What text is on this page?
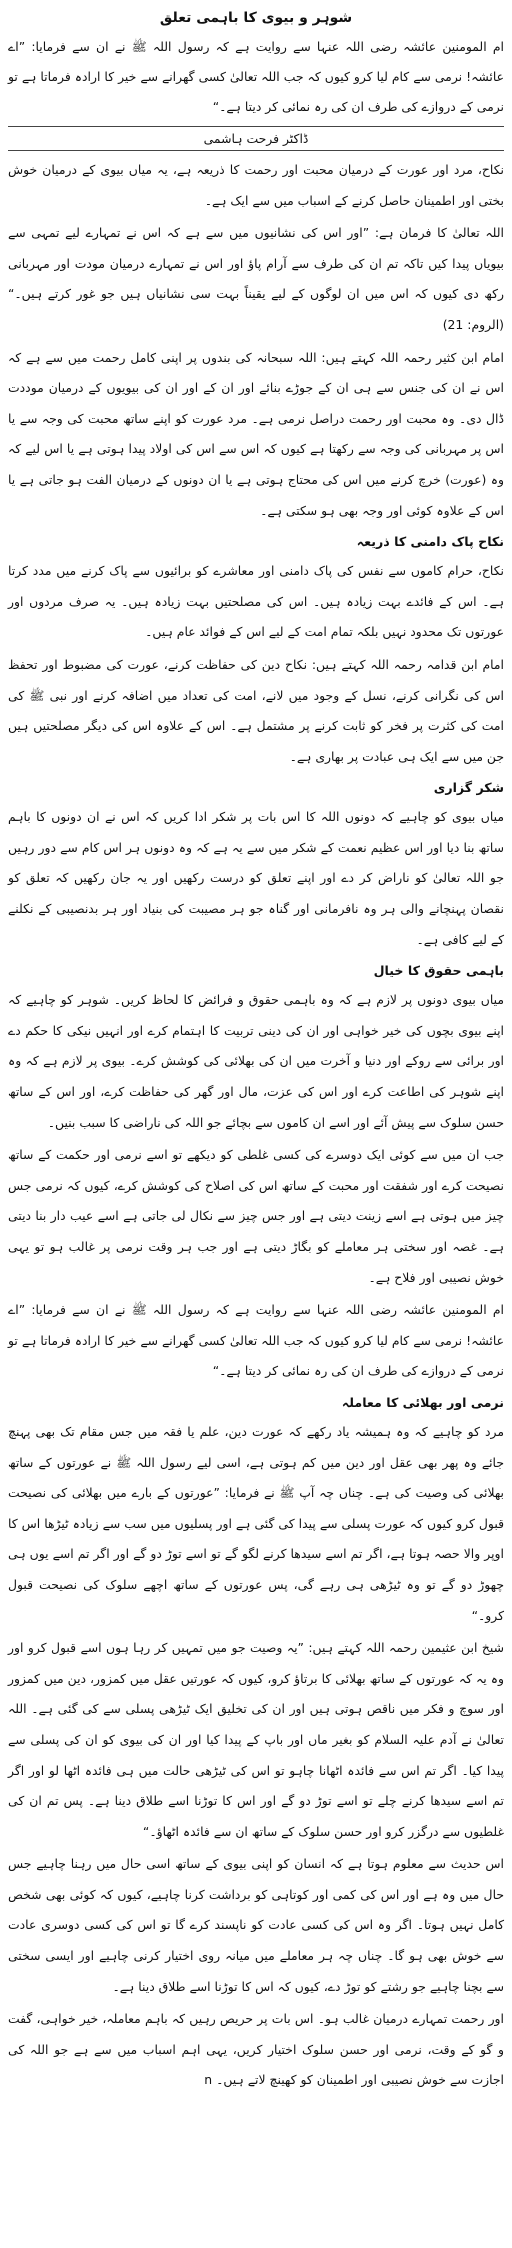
شوہر و بیوی کا باہمی تعلق
ام المومنین عائشہ رضی اللہ عنہا سے روایت ہے کہ رسول اللہ ﷺ نے ان سے فرمایا: ”اے عائشہ! نرمی سے کام لیا کرو کیوں کہ جب اللہ تعالیٰ کسی گھرانے سے خیر کا ارادہ فرماتا ہے تو نرمی کے دروازے کی طرف ان کی رہ نمائی کر دیتا ہے۔“
ڈاکٹر فرحت ہاشمی

نکاح، مرد اور عورت کے درمیان محبت اور رحمت کا ذریعہ ہے، یہ میاں بیوی کے درمیان خوش بختی اور اطمینان حاصل کرنے کے اسباب میں سے ایک ہے۔

اللہ تعالیٰ کا فرمان ہے: ”اور اس کی نشانیوں میں سے ہے کہ اس نے تمہارے لیے تمہی سے بیویاں پیدا کیں تاکہ تم ان کی طرف سے آرام پاؤ اور اس نے تمہارے درمیان مودت اور مہربانی رکھ دی کیوں کہ اس میں ان لوگوں کے لیے یقیناً بہت سی نشانیاں ہیں جو غور کرتے ہیں۔“ (الروم: 21)

امام ابن کثیر رحمہ اللہ کہتے ہیں: اللہ سبحانہ کی بندوں پر اپنی کامل رحمت میں سے ہے کہ اس نے ان کی جنس سے ہی ان کے جوڑے بنائے اور ان کے اور ان کی بیویوں کے درمیان موددت ڈال دی۔ وہ محبت اور رحمت دراصل نرمی ہے۔ مرد عورت کو اپنے ساتھ محبت کی وجہ سے یا اس پر مہربانی کی وجہ سے رکھتا ہے کیوں کہ اس سے اس کی اولاد پیدا ہوتی ہے یا اس لیے کہ وہ (عورت) خرچ کرنے میں اس کی محتاج ہوتی ہے یا ان دونوں کے درمیان الفت ہو جاتی ہے یا اس کے علاوہ کوئی اور وجہ بھی ہو سکتی ہے۔

نکاح پاک دامنی کا ذریعہ

نکاح، حرام کاموں سے نفس کی پاک دامنی اور معاشرے کو برائیوں سے پاک کرنے میں مدد کرتا ہے۔ اس کے فائدے بہت زیادہ ہیں۔ اس کی مصلحتیں بہت زیادہ ہیں۔ یہ صرف مردوں اور عورتوں تک محدود نہیں بلکہ تمام امت کے لیے اس کے فوائد عام ہیں۔

امام ابن قدامہ رحمہ اللہ کہتے ہیں: نکاح دین کی حفاظت کرنے، عورت کی مضبوط اور تحفظ اس کی نگرانی کرنے، نسل کے وجود میں لانے، امت کی تعداد میں اضافہ کرنے اور نبی ﷺ کی امت کی کثرت پر فخر کو ثابت کرنے پر مشتمل ہے۔ اس کے علاوہ اس کی دیگر مصلحتیں ہیں جن میں سے ایک ہی عبادت پر بھاری ہے۔

شکر گزاری

میاں بیوی کو چاہیے کہ دونوں اللہ کا اس بات پر شکر ادا کریں کہ اس نے ان دونوں کا باہم ساتھ بنا دیا اور اس عظیم نعمت کے شکر میں سے یہ ہے کہ وہ دونوں ہر اس کام سے دور رہیں جو اللہ تعالیٰ کو ناراض کر دے اور اپنے تعلق کو درست رکھیں اور یہ جان رکھیں کہ تعلق کو نقصان پہنچانے والی ہر وہ نافرمانی اور گناہ جو ہر مصیبت کی بنیاد اور ہر بدنصیبی کے نکلنے کے لیے کافی ہے۔

باہمی حقوق کا خیال

میاں بیوی دونوں پر لازم ہے کہ وہ باہمی حقوق و فرائض کا لحاظ کریں۔ شوہر کو چاہیے کہ اپنے بیوی بچوں کی خیر خواہی اور ان کی دینی تربیت کا اہتمام کرے اور انہیں نیکی کا حکم دے اور برائی سے روکے اور دنیا و آخرت میں ان کی بھلائی کی کوشش کرے۔ بیوی پر لازم ہے کہ وہ اپنے شوہر کی اطاعت کرے اور اس کی عزت، مال اور گھر کی حفاظت کرے، اور اس کے ساتھ حسن سلوک سے پیش آئے اور اسے ان کاموں سے بچائے جو اللہ کی ناراضی کا سبب بنیں۔

جب ان میں سے کوئی ایک دوسرے کی کسی غلطی کو دیکھے تو اسے نرمی اور حکمت کے ساتھ نصیحت کرے اور شفقت اور محبت کے ساتھ اس کی اصلاح کی کوشش کرے، کیوں کہ نرمی جس چیز میں ہوتی ہے اسے زینت دیتی ہے اور جس چیز سے نکال لی جاتی ہے اسے عیب دار بنا دیتی ہے۔ غصہ اور سختی ہر معاملے کو بگاڑ دیتی ہے اور جب ہر وقت نرمی پر غالب ہو تو یہی خوش نصیبی اور فلاح ہے۔

ام المومنین عائشہ رضی اللہ عنہا سے روایت ہے کہ رسول اللہ ﷺ نے ان سے فرمایا: ”اے عائشہ! نرمی سے کام لیا کرو کیوں کہ جب اللہ تعالیٰ کسی گھرانے سے خیر کا ارادہ فرماتا ہے تو نرمی کے دروازے کی طرف ان کی رہ نمائی کر دیتا ہے۔“

نرمی اور بھلائی کا معاملہ

مرد کو چاہیے کہ وہ ہمیشہ یاد رکھے کہ عورت دین، علم یا فقہ میں جس مقام تک بھی پہنچ جائے وہ پھر بھی عقل اور دین میں کم ہوتی ہے، اسی لیے رسول اللہ ﷺ نے عورتوں کے ساتھ بھلائی کی وصیت کی ہے۔ چناں چہ آپ ﷺ نے فرمایا: ”عورتوں کے بارے میں بھلائی کی نصیحت قبول کرو کیوں کہ عورت پسلی سے پیدا کی گئی ہے اور پسلیوں میں سب سے زیادہ ٹیڑھا اس کا اوپر والا حصہ ہوتا ہے، اگر تم اسے سیدھا کرنے لگو گے تو اسے توڑ دو گے اور اگر تم اسے یوں ہی چھوڑ دو گے تو وہ ٹیڑھی ہی رہے گی، پس عورتوں کے ساتھ اچھے سلوک کی نصیحت قبول کرو۔“

شیخ ابن عثیمین رحمہ اللہ کہتے ہیں: ”یہ وصیت جو میں تمہیں کر رہا ہوں اسے قبول کرو اور وہ یہ کہ عورتوں کے ساتھ بھلائی کا برتاؤ کرو، کیوں کہ عورتیں عقل میں کمزور، دین میں کمزور اور سوچ و فکر میں ناقص ہوتی ہیں اور ان کی تخلیق ایک ٹیڑھی پسلی سے کی گئی ہے۔ اللہ تعالیٰ نے آدم علیہ السلام کو بغیر ماں اور باپ کے پیدا کیا اور ان کی بیوی کو ان کی پسلی سے پیدا کیا۔ اگر تم اس سے فائدہ اٹھانا چاہو تو اس کی ٹیڑھی حالت میں ہی فائدہ اٹھا لو اور اگر تم اسے سیدھا کرنے چلے تو اسے توڑ دو گے اور اس کا توڑنا اسے طلاق دینا ہے۔ پس تم ان کی غلطیوں سے درگزر کرو اور حسن سلوک کے ساتھ ان سے فائدہ اٹھاؤ۔“

اس حدیث سے معلوم ہوتا ہے کہ انسان کو اپنی بیوی کے ساتھ اسی حال میں رہنا چاہیے جس حال میں وہ ہے اور اس کی کمی اور کوتاہی کو برداشت کرنا چاہیے، کیوں کہ کوئی بھی شخص کامل نہیں ہوتا۔ اگر وہ اس کی کسی عادت کو ناپسند کرے گا تو اس کی کسی دوسری عادت سے خوش بھی ہو گا۔ چناں چہ ہر معاملے میں میانہ روی اختیار کرنی چاہیے اور ایسی سختی سے بچنا چاہیے جو رشتے کو توڑ دے، کیوں کہ اس کا توڑنا اسے طلاق دینا ہے۔

اور رحمت تمہارے درمیان غالب ہو۔ اس بات پر حریص رہیں کہ باہم معاملہ، خیر خواہی، گفت و گو کے وقت، نرمی اور حسن سلوک اختیار کریں، یہی اہم اسباب میں سے ہے جو اللہ کی اجازت سے خوش نصیبی اور اطمینان کو کھینچ لاتے ہیں۔ n
